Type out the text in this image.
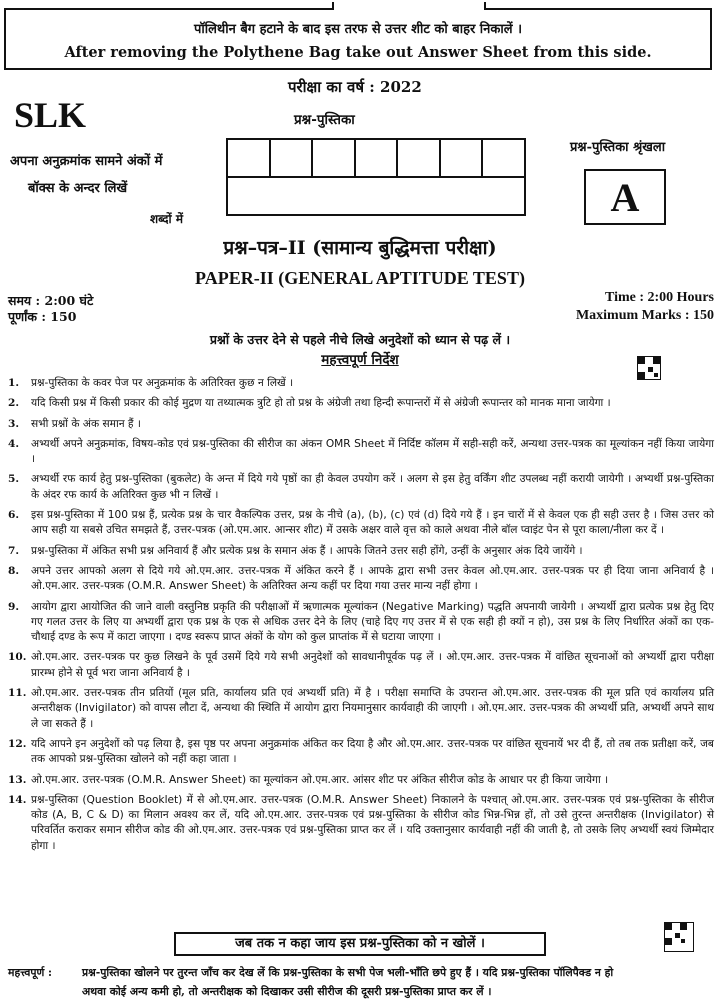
पॉलिथीन बैग हटाने के बाद इस तरफ से उत्तर शीट को बाहर निकालें ।
After removing the Polythene Bag take out Answer Sheet from this side.
SLK
परीक्षा का वर्ष : 2022
प्रश्न-पुस्तिका
अपना अनुक्रमांक सामने अंकों में
बॉक्स के अन्दर लिखें
शब्दों में
प्रश्न-पुस्तिका श्रृंखला
A
प्रश्न–पत्र–II (सामान्य बुद्धिमत्ता परीक्षा)
PAPER-II (GENERAL APTITUDE TEST)
समय : 2:00 घंटे
पूर्णांक : 150
Time : 2:00 Hours
Maximum Marks : 150
प्रश्नों के उत्तर देने से पहले नीचे लिखे अनुदेशों को ध्यान से पढ़ लें ।
महत्त्वपूर्ण निर्देश
1.	प्रश्न-पुस्तिका के कवर पेज पर अनुक्रमांक के अतिरिक्त कुछ न लिखें ।
2.	यदि किसी प्रश्न में किसी प्रकार की कोई मुद्रण या तथ्यात्मक त्रुटि हो तो प्रश्न के अंग्रेजी तथा हिन्दी रूपान्तरों में से अंग्रेजी रूपान्तर को मानक माना जायेगा ।
3.	सभी प्रश्नों के अंक समान हैं ।
4.	अभ्यर्थी अपने अनुक्रमांक, विषय-कोड एवं प्रश्न-पुस्तिका की सीरीज का अंकन OMR Sheet में निर्दिष्ट कॉलम में सही-सही करें, अन्यथा उत्तर-पत्रक का मूल्यांकन नहीं किया जायेगा ।
5.	अभ्यर्थी रफ कार्य हेतु प्रश्न-पुस्तिका (बुकलेट) के अन्त में दिये गये पृष्ठों का ही केवल उपयोग करें । अलग से इस हेतु वर्किंग शीट उपलब्ध नहीं करायी जायेगी । अभ्यर्थी प्रश्न-पुस्तिका के अंदर रफ कार्य के अतिरिक्त कुछ भी न लिखें ।
6.	इस प्रश्न-पुस्तिका में 100 प्रश्न हैं, प्रत्येक प्रश्न के चार वैकल्पिक उत्तर, प्रश्न के नीचे (a), (b), (c) एवं (d) दिये गये हैं । इन चारों में से केवल एक ही सही उत्तर है । जिस उत्तर को आप सही या सबसे उचित समझते हैं, उत्तर-पत्रक (ओ.एम.आर. आन्सर शीट) में उसके अक्षर वाले वृत्त को काले अथवा नीले बॉल प्वाइंट पेन से पूरा काला/नीला कर दें ।
7.	प्रश्न-पुस्तिका में अंकित सभी प्रश्न अनिवार्य हैं और प्रत्येक प्रश्न के समान अंक हैं । आपके जितने उत्तर सही होंगे, उन्हीं के अनुसार अंक दिये जायेंगे ।
8.	अपने उत्तर आपको अलग से दिये गये ओ.एम.आर. उत्तर-पत्रक में अंकित करने हैं । आपके द्वारा सभी उत्तर केवल ओ.एम.आर. उत्तर-पत्रक पर ही दिया जाना अनिवार्य है । ओ.एम.आर. उत्तर-पत्रक (O.M.R. Answer Sheet) के अतिरिक्त अन्य कहीं पर दिया गया उत्तर मान्य नहीं होगा ।
9.	आयोग द्वारा आयोजित की जाने वाली वस्तुनिष्ठ प्रकृति की परीक्षाओं में ऋणात्मक मूल्यांकन (Negative Marking) पद्धति अपनायी जायेगी । अभ्यर्थी द्वारा प्रत्येक प्रश्न हेतु दिए गए गलत उत्तर के लिए या अभ्यर्थी द्वारा एक प्रश्न के एक से अधिक उत्तर देने के लिए (चाहे दिए गए उत्तर में से एक सही ही क्यों न हो), उस प्रश्न के लिए निर्धारित अंकों का एक-चौथाई दण्ड के रूप में काटा जाएगा । दण्ड स्वरूप प्राप्त अंकों के योग को कुल प्राप्तांक में से घटाया जाएगा ।
10. ओ.एम.आर. उत्तर-पत्रक पर कुछ लिखने के पूर्व उसमें दिये गये सभी अनुदेशों को सावधानीपूर्वक पढ़ लें । ओ.एम.आर. उत्तर-पत्रक में वांछित सूचनाओं को अभ्यर्थी द्वारा परीक्षा प्रारम्भ होने से पूर्व भरा जाना अनिवार्य है ।
11. ओ.एम.आर. उत्तर-पत्रक तीन प्रतियों (मूल प्रति, कार्यालय प्रति एवं अभ्यर्थी प्रति) में है । परीक्षा समाप्ति के उपरान्त ओ.एम.आर. उत्तर-पत्रक की मूल प्रति एवं कार्यालय प्रति अन्तरीक्षक (Invigilator) को वापस लौटा दें, अन्यथा की स्थिति में आयोग द्वारा नियमानुसार कार्यवाही की जाएगी । ओ.एम.आर. उत्तर-पत्रक की अभ्यर्थी प्रति, अभ्यर्थी अपने साथ ले जा सकते हैं ।
12. यदि आपने इन अनुदेशों को पढ़ लिया है, इस पृष्ठ पर अपना अनुक्रमांक अंकित कर दिया है और ओ.एम.आर. उत्तर-पत्रक पर वांछित सूचनायें भर दी हैं, तो तब तक प्रतीक्षा करें, जब तक आपको प्रश्न-पुस्तिका खोलने को नहीं कहा जाता ।
13. ओ.एम.आर. उत्तर-पत्रक (O.M.R. Answer Sheet) का मूल्यांकन ओ.एम.आर. आंसर शीट पर अंकित सीरीज कोड के आधार पर ही किया जायेगा ।
14. प्रश्न-पुस्तिका (Question Booklet) में से ओ.एम.आर. उत्तर-पत्रक (O.M.R. Answer Sheet) निकालने के पश्चात् ओ.एम.आर. उत्तर-पत्रक एवं प्रश्न-पुस्तिका के सीरीज कोड (A, B, C & D) का मिलान अवश्य कर लें, यदि ओ.एम.आर. उत्तर-पत्रक एवं प्रश्न-पुस्तिका के सीरीज कोड भिन्न-भिन्न हों, तो उसे तुरन्त अन्तरीक्षक (Invigilator) से परिवर्तित कराकर समान सीरीज कोड की ओ.एम.आर. उत्तर-पत्रक एवं प्रश्न-पुस्तिका प्राप्त कर लें । यदि उक्तानुसार कार्यवाही नहीं की जाती है, तो उसके लिए अभ्यर्थी स्वयं जिम्मेदार होगा ।
जब तक न कहा जाय इस प्रश्न-पुस्तिका को न खोलें ।
महत्त्वपूर्ण :	प्रश्न-पुस्तिका खोलने पर तुरन्त जाँच कर देख लें कि प्रश्न-पुस्तिका के सभी पेज भली-भाँति छपे हुए हैं । यदि प्रश्न-पुस्तिका पॉलिपैक्ड न हो
अथवा कोई अन्य कमी हो, तो अन्तरीक्षक को दिखाकर उसी सीरीज की दूसरी प्रश्न-पुस्तिका प्राप्त कर लें ।
